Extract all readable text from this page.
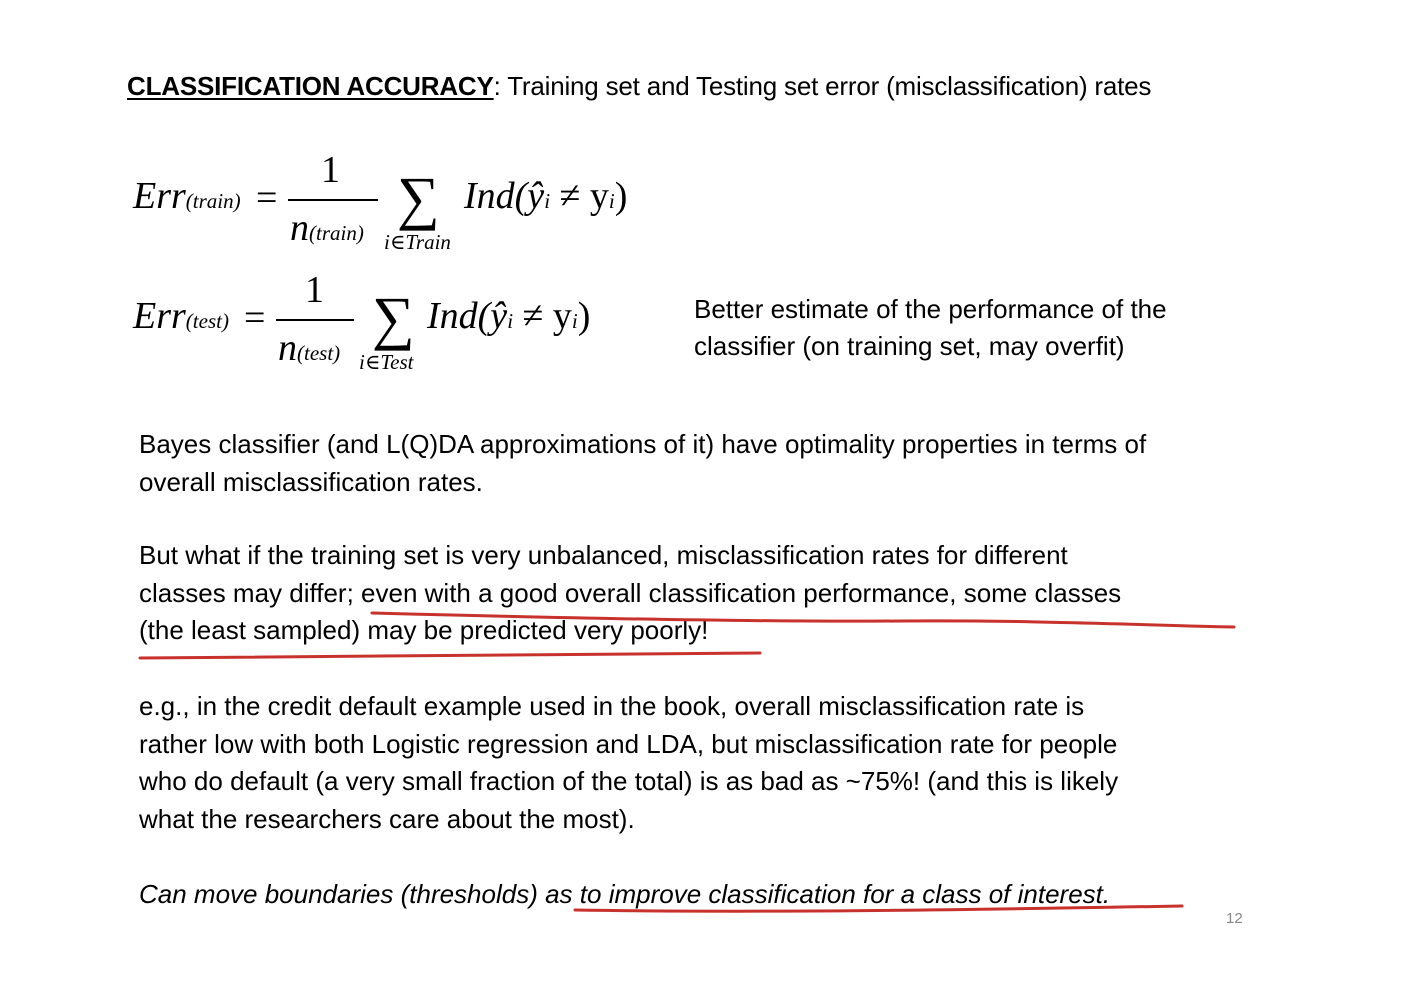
CLASSIFICATION ACCURACY: Training set and Testing set error (misclassification) rates
Err(train) =
1
n(train)
∑
i∈Train
Ind(ŷi ≠ yi)
Err(test) =
1
n(test)
∑
i∈Test
Ind(ŷi ≠ yi)	Better estimate of the performance of the
classifier (on training set, may overfit)
Bayes classifier (and L(Q)DA approximations of it) have optimality properties in terms of
overall misclassification rates.
But what if the training set is very unbalanced, misclassification rates for different
classes may differ; even with a good overall classification performance, some classes
(the least sampled) may be predicted very poorly!
e.g., in the credit default example used in the book, overall misclassification rate is
rather low with both Logistic regression and LDA, but misclassification rate for people
who do default (a very small fraction of the total) is as bad as ~75%! (and this is likely
what the researchers care about the most).
Can move boundaries (thresholds) as to improve classification for a class of interest.
12
